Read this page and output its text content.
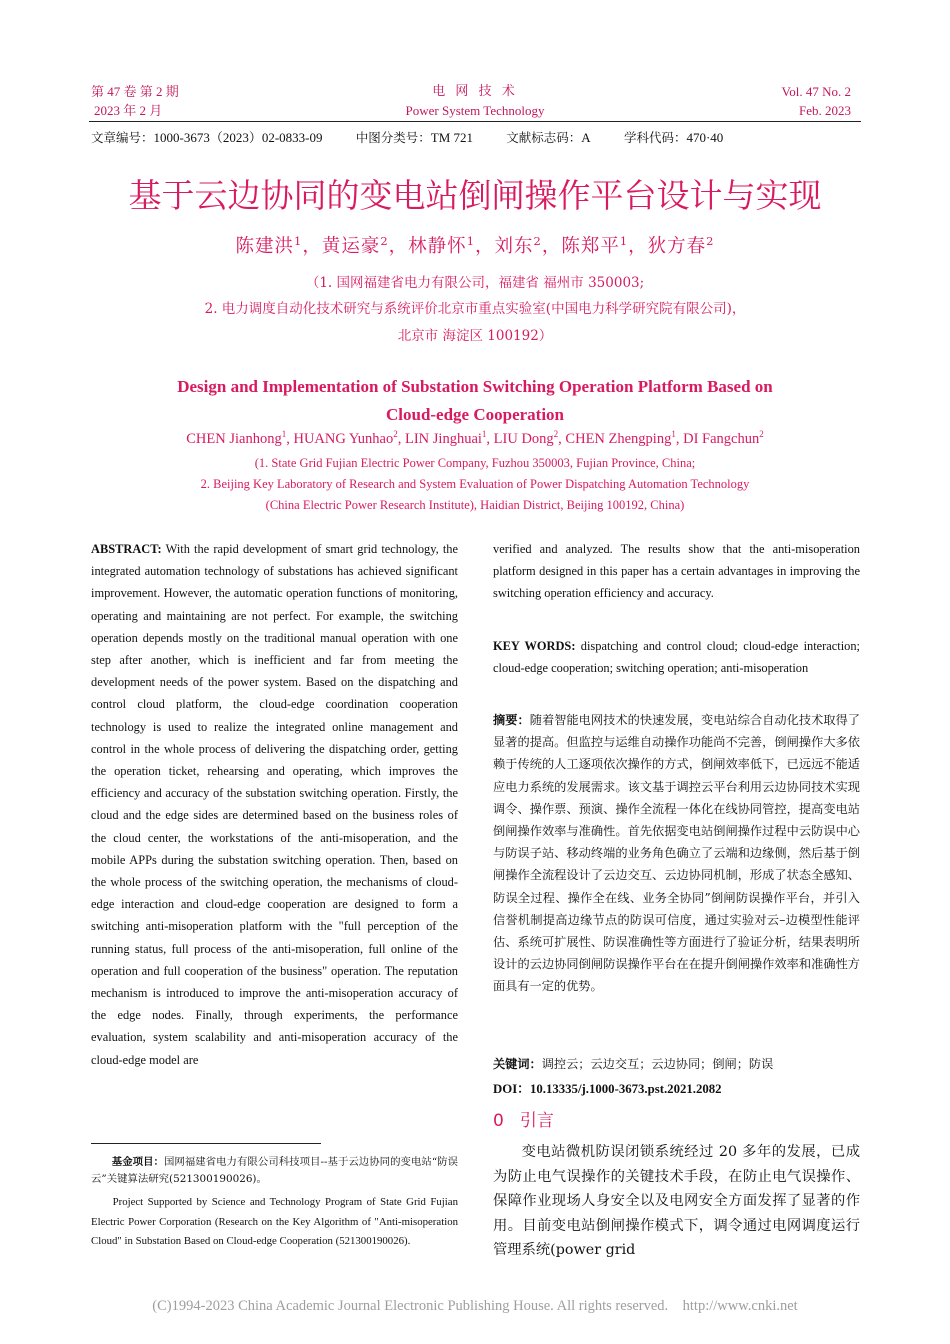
第 47 卷 第 2 期
2023 年 2 月
电 网 技 术
Power System Technology
Vol. 47 No. 2
Feb. 2023
文章编号：1000-3673（2023）02-0833-09	中图分类号：TM 721	文献标志码：A	学科代码：470·40
基于云边协同的变电站倒闸操作平台设计与实现
陈建洪$^1$，黄运豪$^2$，林静怀$^1$，刘东$^2$，陈郑平$^1$，狄方春$^2$
（1. 国网福建省电力有限公司，福建省 福州市 350003;
2. 电力调度自动化技术研究与系统评价北京市重点实验室(中国电力科学研究院有限公司)，
北京市 海淀区 100192）
Design and Implementation of Substation Switching Operation Platform Based on
Cloud-edge Cooperation
CHEN Jianhong$^1$, HUANG Yunhao$^2$, LIN Jinghuai$^1$, LIU Dong$^2$, CHEN Zhengping$^1$, DI Fangchun$^2$
(1. State Grid Fujian Electric Power Company, Fuzhou 350003, Fujian Province, China;
2. Beijing Key Laboratory of Research and System Evaluation of Power Dispatching Automation Technology
(China Electric Power Research Institute), Haidian District, Beijing 100192, China)
ABSTRACT: With the rapid development of smart grid technology, the integrated automation technology of substations has achieved significant improvement. However, the automatic operation functions of monitoring, operating and maintaining are not perfect. For example, the switching operation depends mostly on the traditional manual operation with one step after another, which is inefficient and far from meeting the development needs of the power system. Based on the dispatching and control cloud platform, the cloud-edge coordination cooperation technology is used to realize the integrated online management and control in the whole process of delivering the dispatching order, getting the operation ticket, rehearsing and operating, which improves the efficiency and accuracy of the substation switching operation. Firstly, the cloud and the edge sides are determined based on the business roles of the cloud center, the workstations of the anti-misoperation, and the mobile APPs during the substation switching operation. Then, based on the whole process of the switching operation, the mechanisms of cloud-edge interaction and cloud-edge cooperation are designed to form a switching anti-misoperation platform with the "full perception of the running status, full process of the anti-misoperation, full online of the operation and full cooperation of the business" operation. The reputation mechanism is introduced to improve the anti-misoperation accuracy of the edge nodes. Finally, through experiments, the performance evaluation, system scalability and anti-misoperation accuracy of the cloud-edge model are
verified and analyzed. The results show that the anti-misoperation platform designed in this paper has a certain advantages in improving the switching operation efficiency and accuracy.
KEY WORDS: dispatching and control cloud; cloud-edge interaction; cloud-edge cooperation; switching operation; anti-misoperation
摘要：随着智能电网技术的快速发展，变电站综合自动化技术取得了显著的提高。但监控与运维自动操作功能尚不完善，倒闸操作大多依赖于传统的人工逐项依次操作的方式，倒闸效率低下，已远远不能适应电力系统的发展需求。该文基于调控云平台利用云边协同技术实现调令、操作票、预演、操作全流程一体化在线协同管控，提高变电站倒闸操作效率与准确性。首先依据变电站倒闸操作过程中云防误中心与防误子站、移动终端的业务角色确立了云端和边缘侧，然后基于倒闸操作全流程设计了云边交互、云边协同机制，形成了状态全感知、防误全过程、操作全在线、业务全协同”倒闸防误操作平台，并引入信誉机制提高边缘节点的防误可信度，通过实验对云–边模型性能评估、系统可扩展性、防误准确性等方面进行了验证分析，结果表明所设计的云边协同倒闸防误操作平台在在提升倒闸操作效率和准确性方面具有一定的优势。
关键词：调控云；云边交互；云边协同；倒闸；防误
DOI：10.13335/j.1000-3673.pst.2021.2082
0 引言
变电站微机防误闭锁系统经过 20 多年的发展，已成为防止电气误操作的关键技术手段，在防止电气误操作、保障作业现场人身安全以及电网安全方面发挥了显著的作用。目前变电站倒闸操作模式下，调令通过电网调度运行管理系统(power grid
基金项目：国网福建省电力有限公司科技项目--基于云边协同的变电站“防误云”关键算法研究(521300190026)。
Project Supported by Science and Technology Program of State Grid Fujian Electric Power Corporation (Research on the Key Algorithm of "Anti-misoperation Cloud" in Substation Based on Cloud-edge Cooperation (521300190026).
(C)1994-2023 China Academic Journal Electronic Publishing House. All rights reserved.    http://www.cnki.net
